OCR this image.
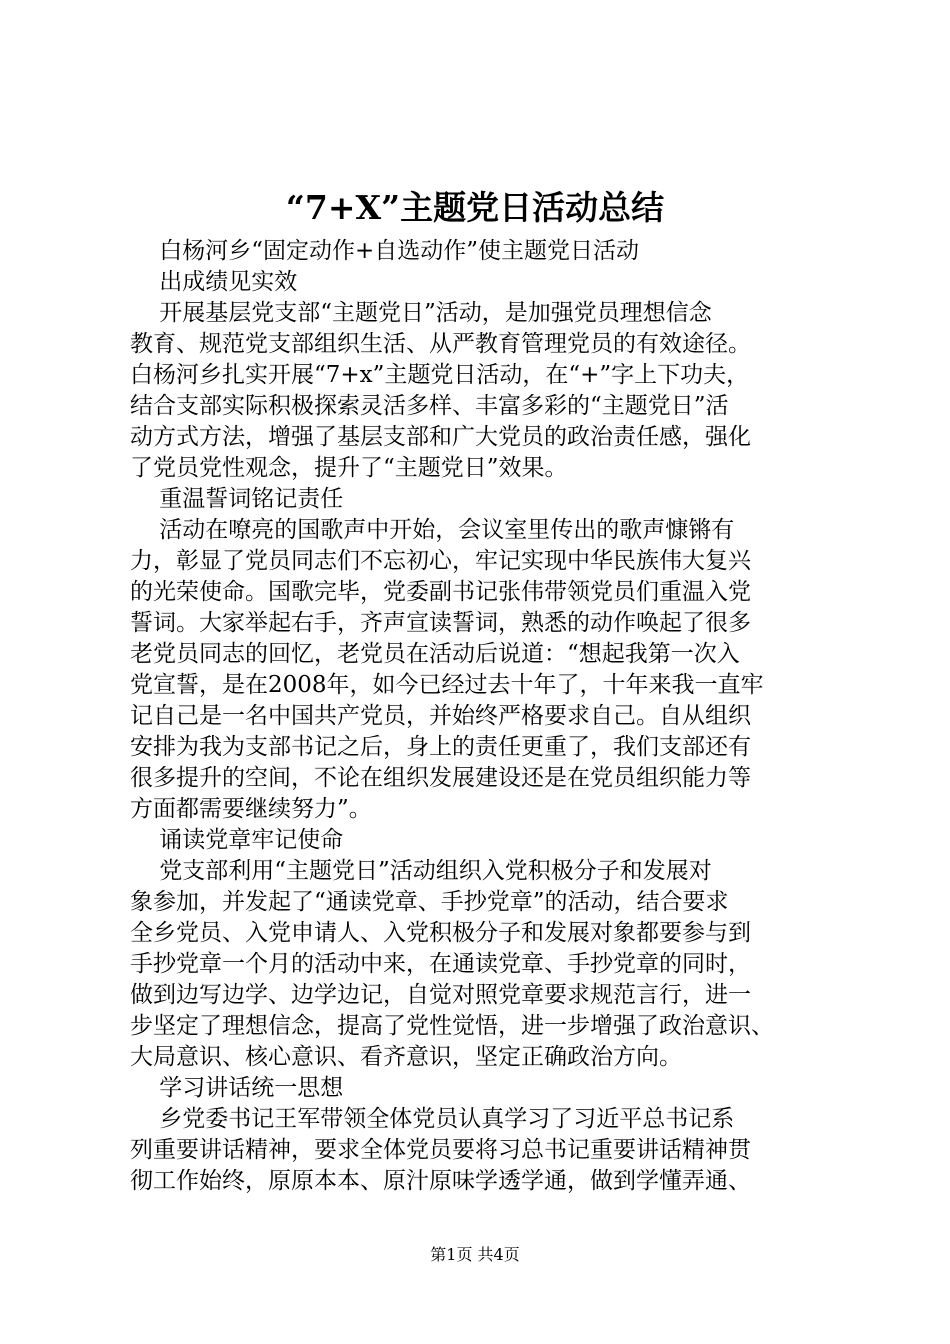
“7+X”主题党日活动总结
白杨河乡“固定动作+自选动作”使主题党日活动
出成绩见实效
开展基层党支部“主题党日”活动，是加强党员理想信念
教育、规范党支部组织生活、从严教育管理党员的有效途径。
白杨河乡扎实开展“7+x”主题党日活动，在“+”字上下功夫，
结合支部实际积极探索灵活多样、丰富多彩的“主题党日”活
动方式方法，增强了基层支部和广大党员的政治责任感，强化
了党员党性观念，提升了“主题党日”效果。
重温誓词铭记责任
活动在嘹亮的国歌声中开始，会议室里传出的歌声慷锵有
力，彰显了党员同志们不忘初心，牢记实现中华民族伟大复兴
的光荣使命。国歌完毕，党委副书记张伟带领党员们重温入党
誓词。大家举起右手，齐声宣读誓词，熟悉的动作唤起了很多
老党员同志的回忆，老党员在活动后说道：“想起我第一次入
党宣誓，是在2008年，如今已经过去十年了，十年来我一直牢
记自己是一名中国共产党员，并始终严格要求自己。自从组织
安排为我为支部书记之后，身上的责任更重了，我们支部还有
很多提升的空间，不论在组织发展建设还是在党员组织能力等
方面都需要继续努力”。
诵读党章牢记使命
党支部利用“主题党日”活动组织入党积极分子和发展对
象参加，并发起了“通读党章、手抄党章”的活动，结合要求
全乡党员、入党申请人、入党积极分子和发展对象都要参与到
手抄党章一个月的活动中来，在通读党章、手抄党章的同时，
做到边写边学、边学边记，自觉对照党章要求规范言行，进一
步坚定了理想信念，提高了党性觉悟，进一步增强了政治意识、
大局意识、核心意识、看齐意识，坚定正确政治方向。
学习讲话统一思想
乡党委书记王军带领全体党员认真学习了习近平总书记系
列重要讲话精神，要求全体党员要将习总书记重要讲话精神贯
彻工作始终，原原本本、原汁原味学透学通，做到学懂弄通、
第1页 共4页
